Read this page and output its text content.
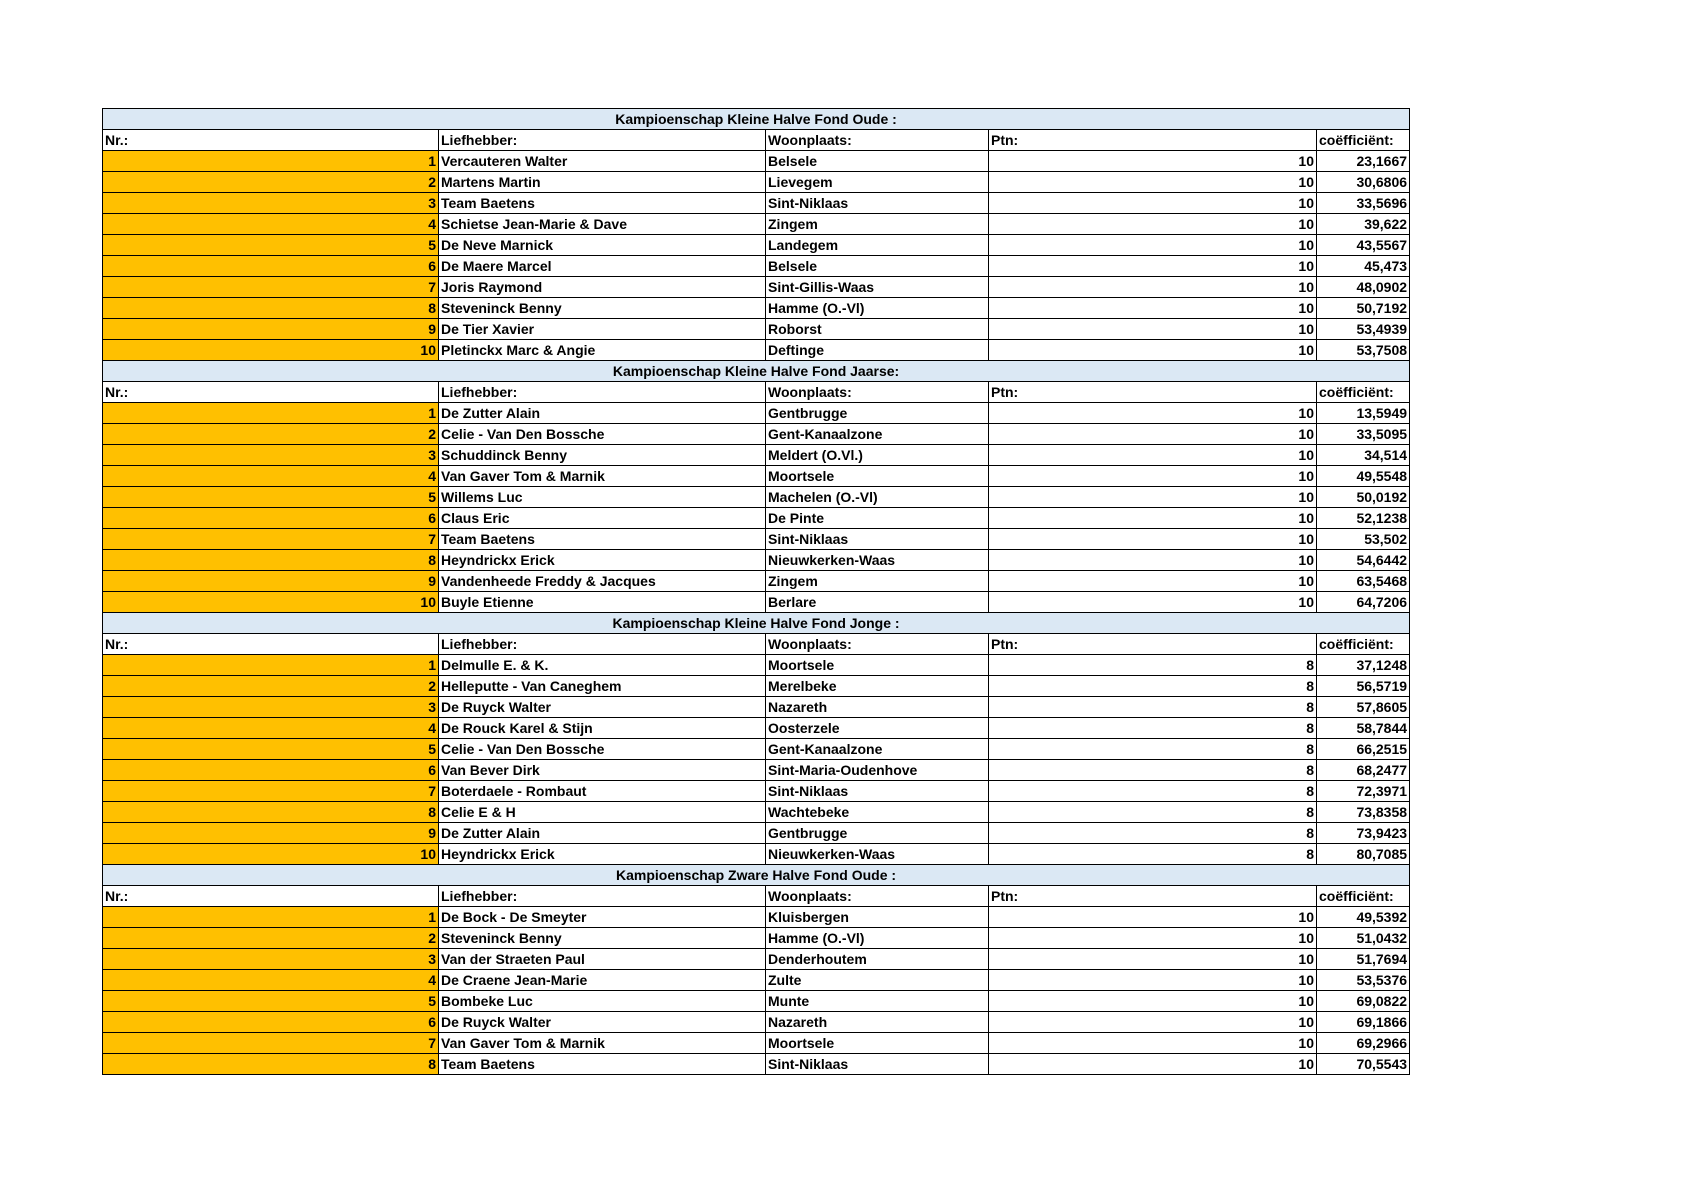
Kampioenschap Kleine Halve Fond Oude :				
Nr.:	Liefhebber:	Woonplaats:	Ptn:	coëfficiënt:
1	Vercauteren Walter	Belsele	10	23,1667
2	Martens Martin	Lievegem	10	30,6806
3	Team Baetens	Sint-Niklaas	10	33,5696
4	Schietse Jean-Marie & Dave	Zingem	10	39,622
5	De Neve Marnick	Landegem	10	43,5567
6	De Maere Marcel	Belsele	10	45,473
7	Joris Raymond	Sint-Gillis-Waas	10	48,0902
8	Steveninck Benny	Hamme (O.-Vl)	10	50,7192
9	De Tier Xavier	Roborst	10	53,4939
10	Pletinckx Marc & Angie	Deftinge	10	53,7508
Kampioenschap Kleine Halve Fond Jaarse:				
Nr.:	Liefhebber:	Woonplaats:	Ptn:	coëfficiënt:
1	De Zutter Alain	Gentbrugge	10	13,5949
2	Celie - Van Den Bossche	Gent-Kanaalzone	10	33,5095
3	Schuddinck Benny	Meldert (O.Vl.)	10	34,514
4	Van Gaver Tom & Marnik	Moortsele	10	49,5548
5	Willems Luc	Machelen (O.-Vl)	10	50,0192
6	Claus Eric	De Pinte	10	52,1238
7	Team Baetens	Sint-Niklaas	10	53,502
8	Heyndrickx Erick	Nieuwkerken-Waas	10	54,6442
9	Vandenheede Freddy & Jacques	Zingem	10	63,5468
10	Buyle Etienne	Berlare	10	64,7206
Kampioenschap Kleine Halve Fond Jonge :				
Nr.:	Liefhebber:	Woonplaats:	Ptn:	coëfficiënt:
1	Delmulle E. & K.	Moortsele	8	37,1248
2	Helleputte - Van Caneghem	Merelbeke	8	56,5719
3	De Ruyck Walter	Nazareth	8	57,8605
4	De Rouck Karel & Stijn	Oosterzele	8	58,7844
5	Celie - Van Den Bossche	Gent-Kanaalzone	8	66,2515
6	Van Bever Dirk	Sint-Maria-Oudenhove	8	68,2477
7	Boterdaele - Rombaut	Sint-Niklaas	8	72,3971
8	Celie E & H	Wachtebeke	8	73,8358
9	De Zutter Alain	Gentbrugge	8	73,9423
10	Heyndrickx Erick	Nieuwkerken-Waas	8	80,7085
Kampioenschap Zware Halve Fond Oude :				
Nr.:	Liefhebber:	Woonplaats:	Ptn:	coëfficiënt:
1	De Bock - De Smeyter	Kluisbergen	10	49,5392
2	Steveninck Benny	Hamme (O.-Vl)	10	51,0432
3	Van der Straeten Paul	Denderhoutem	10	51,7694
4	De Craene Jean-Marie	Zulte	10	53,5376
5	Bombeke Luc	Munte	10	69,0822
6	De Ruyck Walter	Nazareth	10	69,1866
7	Van Gaver Tom & Marnik	Moortsele	10	69,2966
8	Team Baetens	Sint-Niklaas	10	70,5543
